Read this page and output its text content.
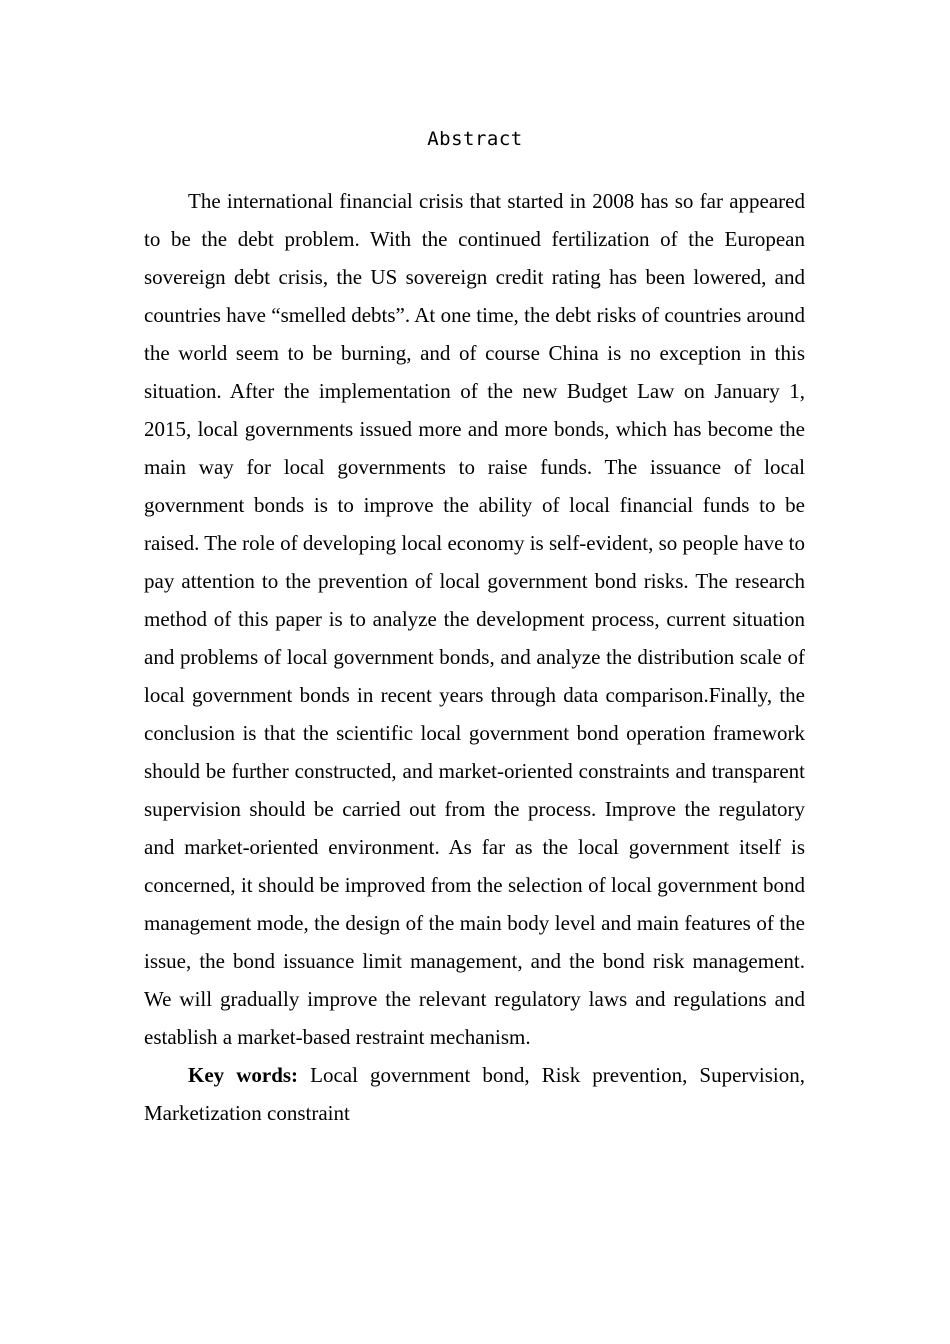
Abstract

The international financial crisis that started in 2008 has so far appeared to be the debt problem. With the continued fertilization of the European sovereign debt crisis, the US sovereign credit rating has been lowered, and countries have “smelled debts”. At one time, the debt risks of countries around the world seem to be burning, and of course China is no exception in this situation. After the implementation of the new Budget Law on January 1, 2015, local governments issued more and more bonds, which has become the main way for local governments to raise funds. The issuance of local government bonds is to improve the ability of local financial funds to be raised. The role of developing local economy is self-evident, so people have to pay attention to the prevention of local government bond risks. The research method of this paper is to analyze the development process, current situation and problems of local government bonds, and analyze the distribution scale of local government bonds in recent years through data comparison.Finally, the conclusion is that the scientific local government bond operation framework should be further constructed, and market-oriented constraints and transparent supervision should be carried out from the process. Improve the regulatory and market-oriented environment. As far as the local government itself is concerned, it should be improved from the selection of local government bond management mode, the design of the main body level and main features of the issue, the bond issuance limit management, and the bond risk management. We will gradually improve the relevant regulatory laws and regulations and establish a market-based restraint mechanism.

Key words: Local government bond, Risk prevention, Supervision, Marketization constraint
